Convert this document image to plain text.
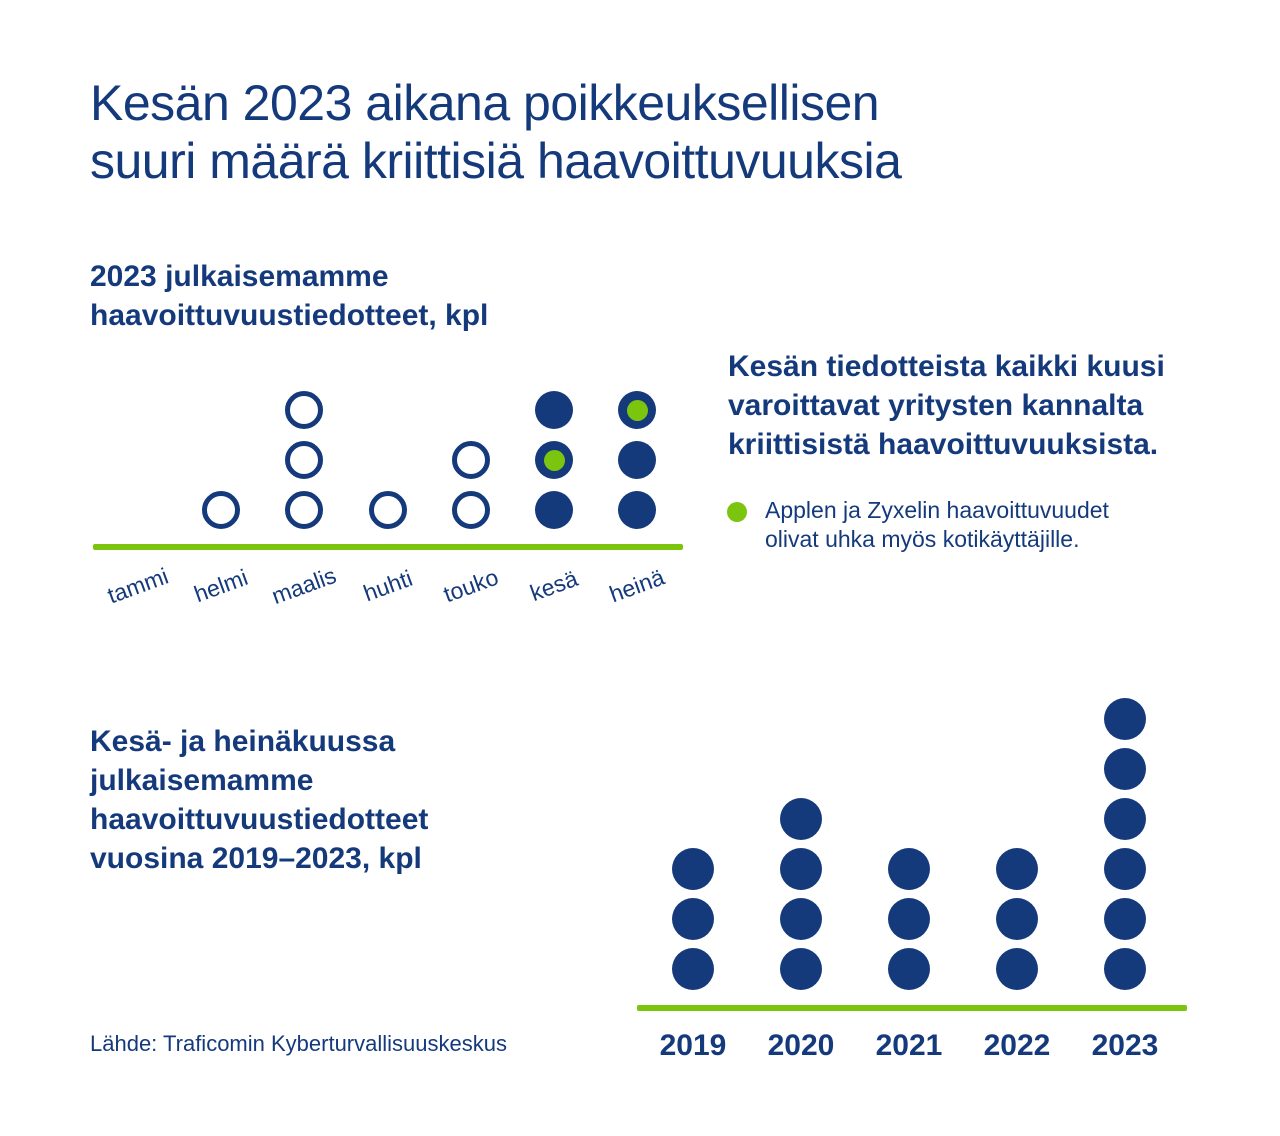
Kesän 2023 aikana poikkeuksellisen
suuri määrä kriittisiä haavoittuvuuksia
2023 julkaisemamme
haavoittuvuustiedotteet, kpl
tammi helmi maalis huhti touko kesä heinä
Kesän tiedotteista kaikki kuusi
varoittavat yritysten kannalta
kriittisistä haavoittuvuuksista.
Applen ja Zyxelin haavoittuvuudet
olivat uhka myös kotikäyttäjille.
Kesä- ja heinäkuussa
julkaisemamme
haavoittuvuustiedotteet
vuosina 2019–2023, kpl
2019 2020 2021 2022 2023
Lähde: Traficomin Kyberturvallisuuskeskus
